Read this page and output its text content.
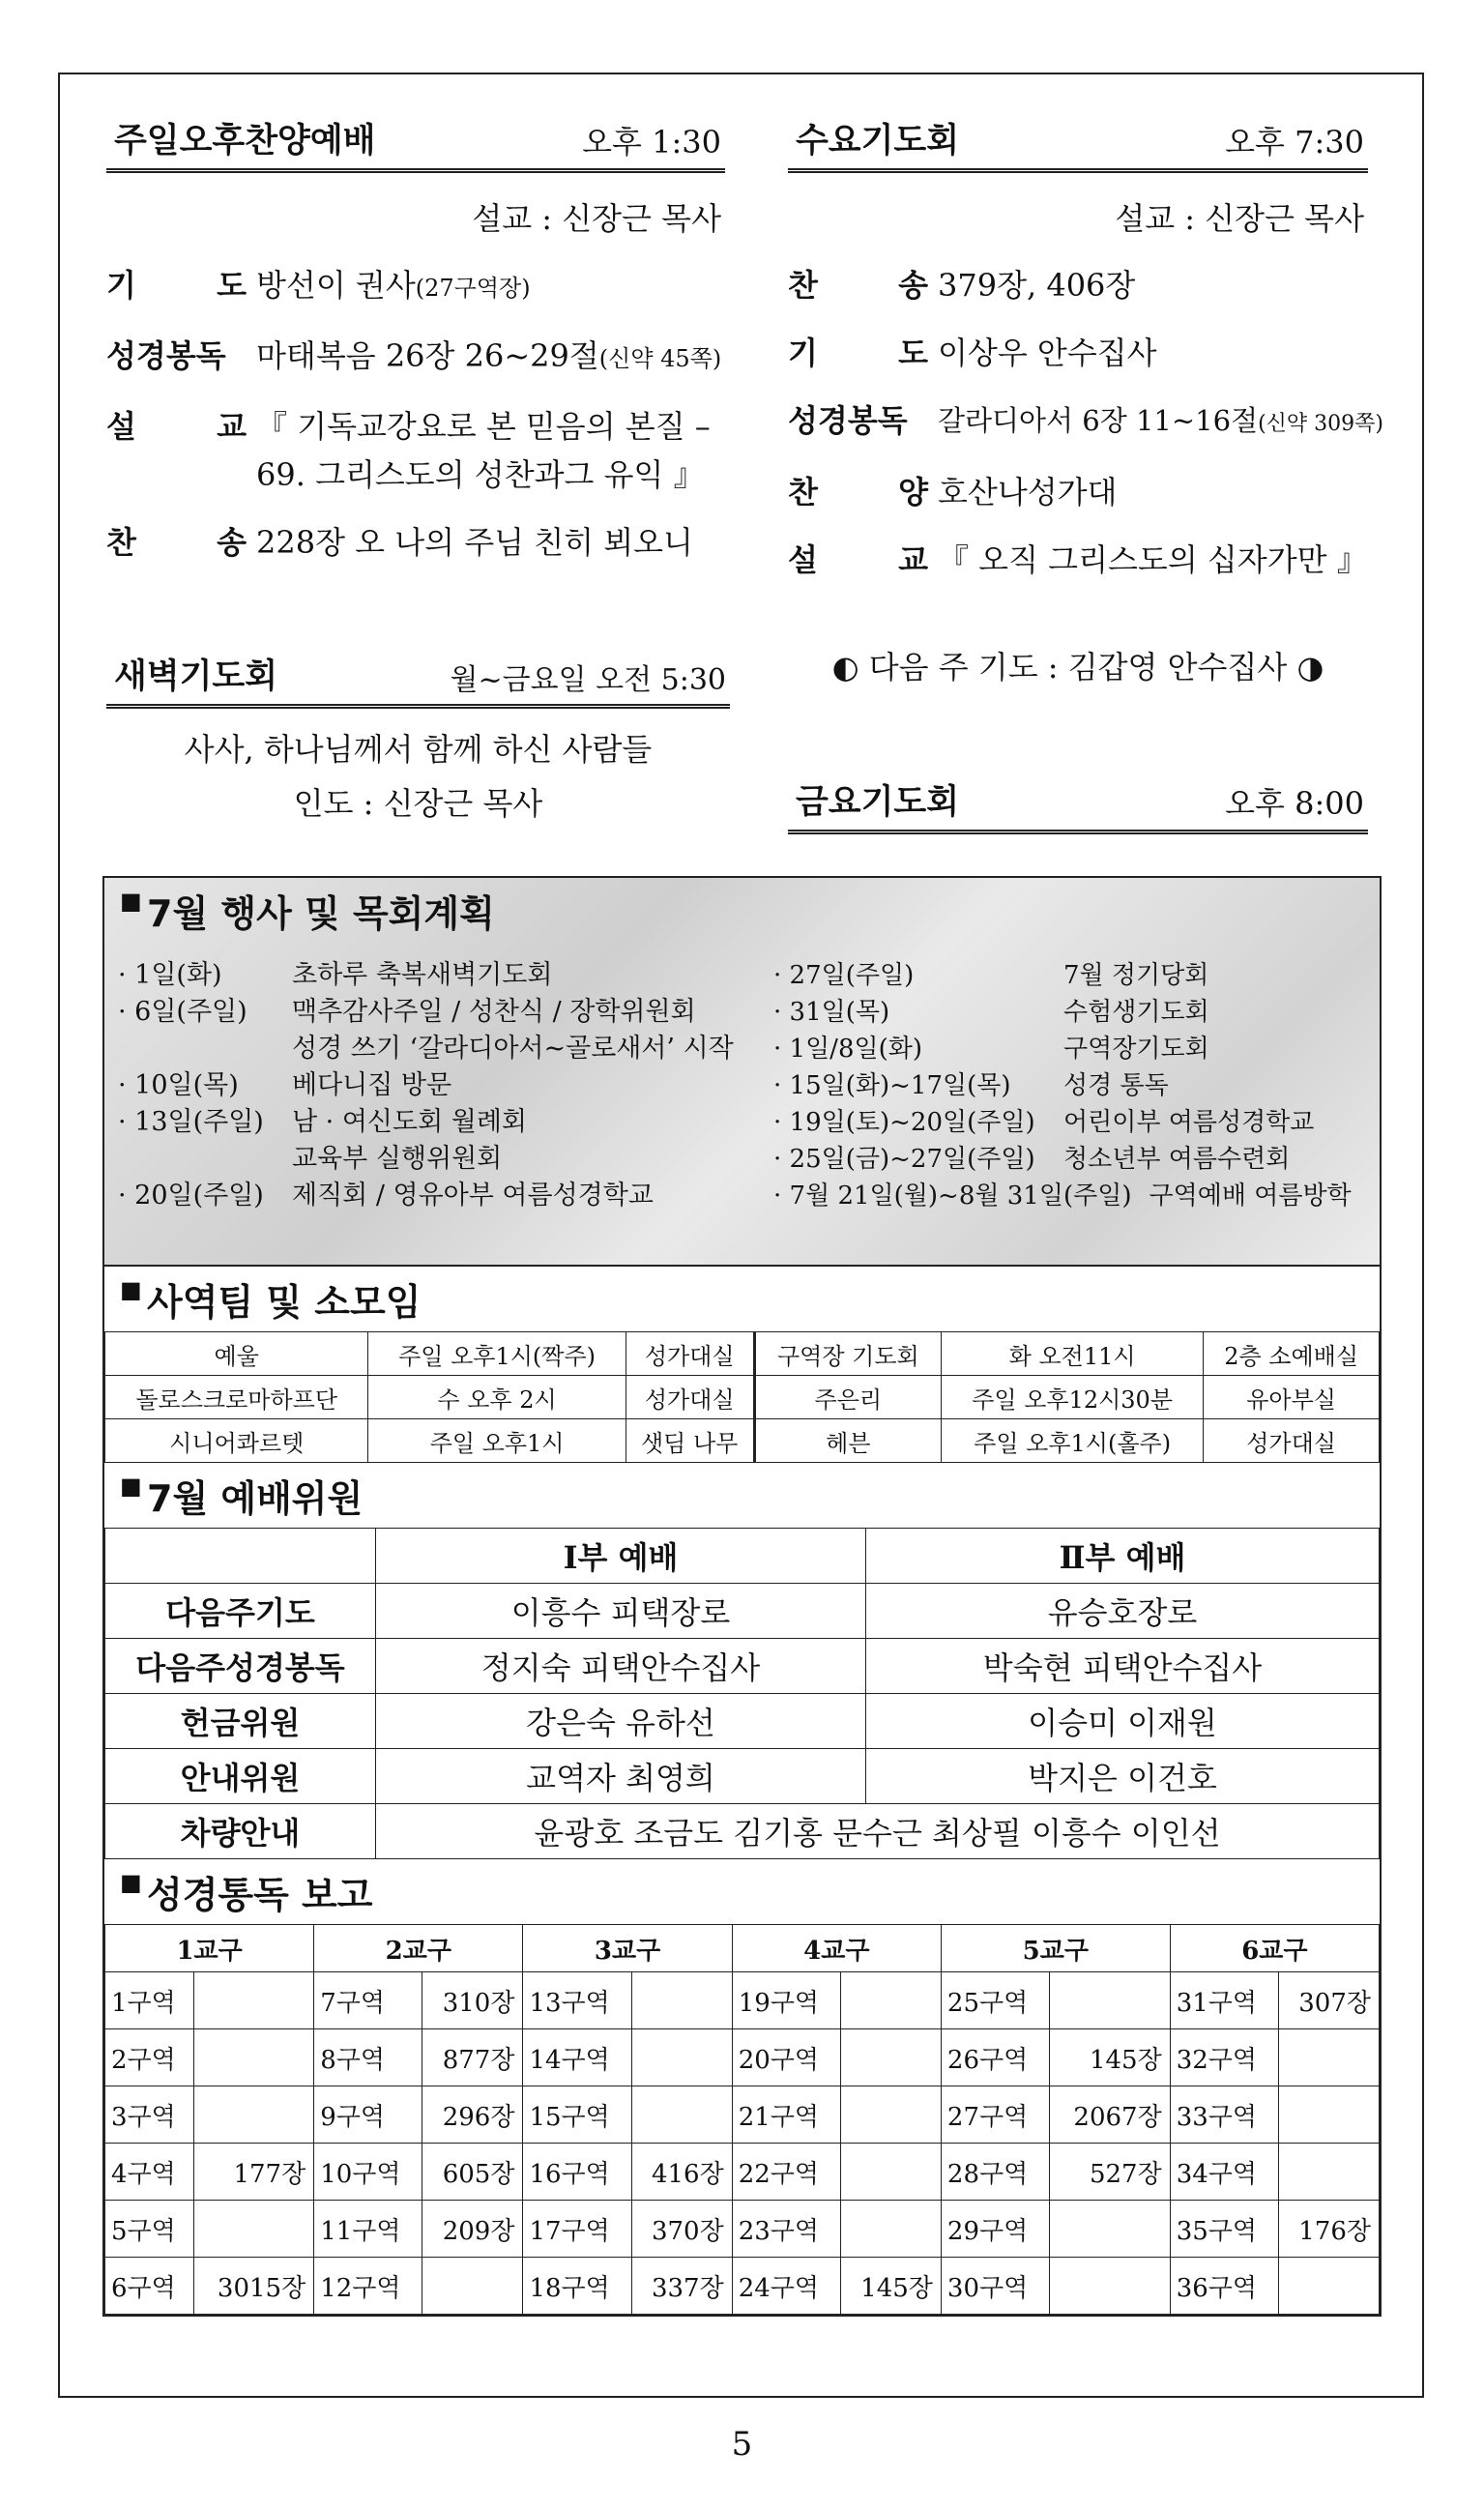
주일오후찬양예배	오후 1:30
설교 : 신장근 목사
기	도 방선이 권사(27구역장)
성경봉독 마태복음 26장 26~29절(신약 45쪽)
설	교 『 기독교강요로 본 믿음의 본질 –
69. 그리스도의 성찬과그 유익 』
찬	송 228장 오 나의 주님 친히 뵈오니
새벽기도회	월~금요일 오전 5:30
사사, 하나님께서 함께 하신 사람들
인도 : 신장근 목사
수요기도회	오후 7:30
설교 : 신장근 목사
찬	송 379장, 406장
기	도 이상우 안수집사
성경봉독 갈라디아서 6장 11~16절(신약 309쪽)
찬	양 호산나성가대
설	교 『 오직 그리스도의 십자가만 』
◐ 다음 주 기도 : 김갑영 안수집사 ◑
금요기도회	오후 8:00
■ 7월 행사 및 목회계획
· 1일(화)	초하루 축복새벽기도회
· 6일(주일)	맥추감사주일 / 성찬식 / 장학위원회
성경 쓰기 ‘갈라디아서~골로새서’ 시작
· 10일(목)	베다니집 방문
· 13일(주일)	남 · 여신도회 월례회
교육부 실행위원회
· 20일(주일)	제직회 / 영유아부 여름성경학교
· 27일(주일)	7월 정기당회
· 31일(목)	수험생기도회
· 1일/8일(화)	구역장기도회
· 15일(화)~17일(목)	성경 통독
· 19일(토)~20일(주일)	어린이부 여름성경학교
· 25일(금)~27일(주일)	청소년부 여름수련회
· 7월 21일(월)~8월 31일(주일) 구역예배 여름방학
■ 사역팀 및 소모임
예울	주일 오후1시(짝주)	성가대실	구역장 기도회	화 오전11시	2층 소예배실
돌로스크로마하프단	수 오후 2시	성가대실	주은리	주일 오후12시30분	유아부실
시니어콰르텟	주일 오후1시	샛딤 나무	헤븐	주일 오후1시(홀주)	성가대실
■ 7월 예배위원
	Ⅰ부 예배	Ⅱ부 예배
다음주기도	이흥수 피택장로	유승호장로
다음주성경봉독	정지숙 피택안수집사	박숙현 피택안수집사
헌금위원	강은숙 유하선	이승미 이재원
안내위원	교역자 최영희	박지은 이건호
차량안내	윤광호 조금도 김기홍 문수근 최상필 이흥수 이인선	
■ 성경통독 보고
1교구		2교구		3교구		4교구		5교구		6교구	
1구역		7구역	310장	13구역		19구역		25구역		31구역	307장
2구역		8구역	877장	14구역		20구역		26구역	145장	32구역	
3구역		9구역	296장	15구역		21구역		27구역	2067장	33구역	
4구역	177장	10구역	605장	16구역	416장	22구역		28구역	527장	34구역	
5구역		11구역	209장	17구역	370장	23구역		29구역		35구역	176장
6구역	3015장	12구역		18구역	337장	24구역	145장	30구역		36구역	
5
